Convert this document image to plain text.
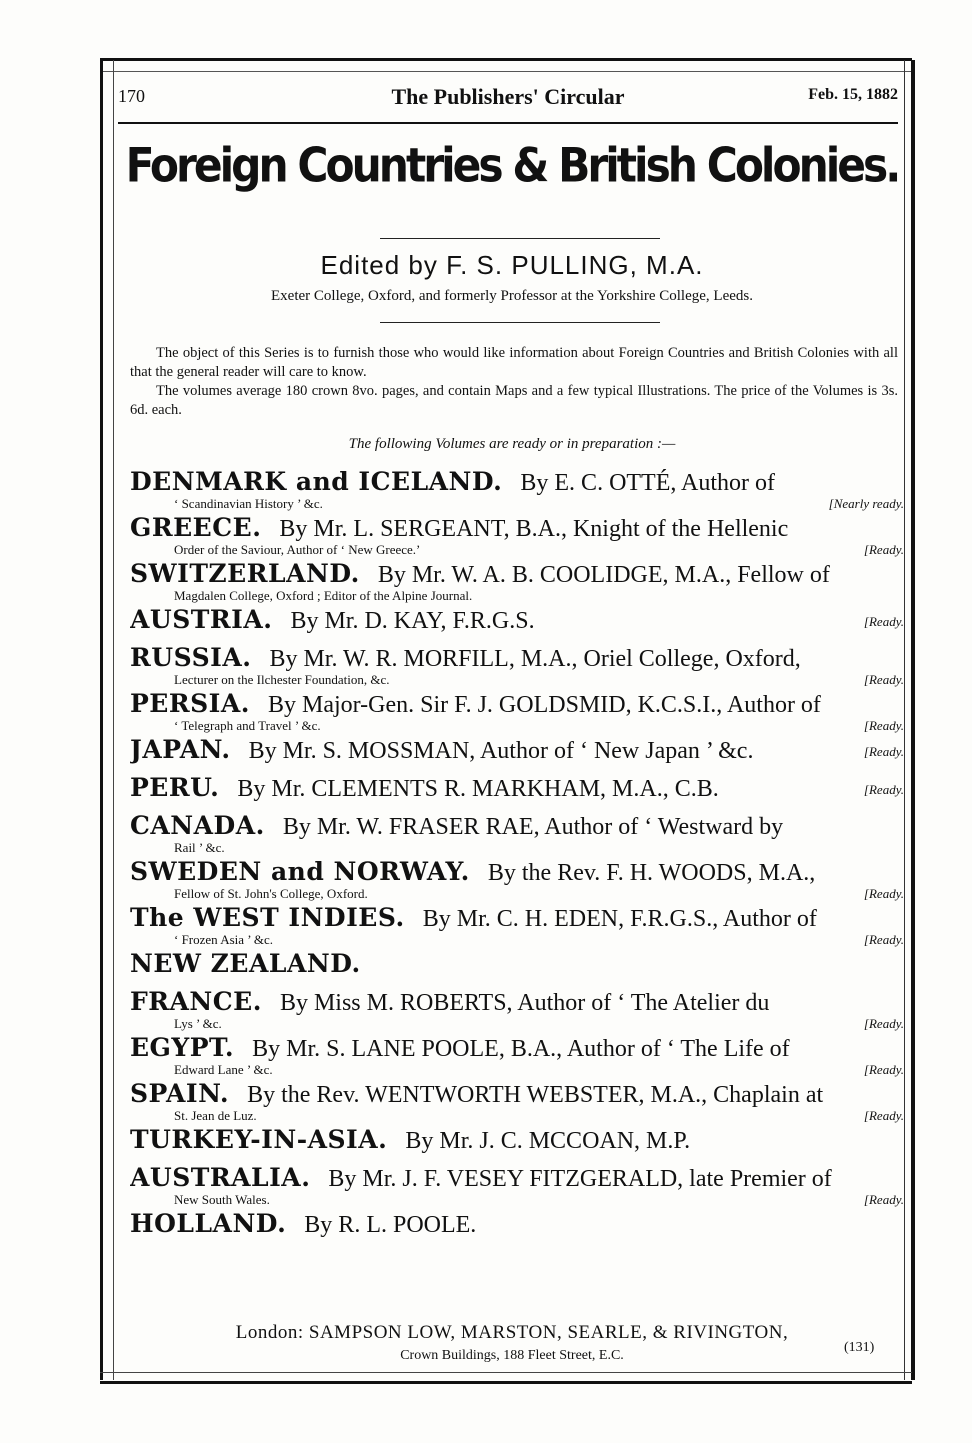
170	The Publishers' Circular	Feb. 15, 1882
Foreign Countries & British Colonies.
Edited by F. S. PULLING, M.A.
Exeter College, Oxford, and formerly Professor at the Yorkshire College, Leeds.

The object of this Series is to furnish those who would like information about Foreign Countries and British Colonies with all that the general reader will care to know.

The volumes average 180 crown 8vo. pages, and contain Maps and a few typical Illustrations. The price of the Volumes is 3s. 6d. each.

The following Volumes are ready or in preparation :—
DENMARK and ICELAND. By E. C. OTTÉ, Author of
‘ Scandinavian History ’ &c.	[Nearly ready.
GREECE. By Mr. L. SERGEANT, B.A., Knight of the Hellenic
Order of the Saviour, Author of ‘ New Greece.’	[Ready.
SWITZERLAND. By Mr. W. A. B. COOLIDGE, M.A., Fellow of
Magdalen College, Oxford ; Editor of the Alpine Journal.
AUSTRIA. By Mr. D. KAY, F.R.G.S.	[Ready.
RUSSIA. By Mr. W. R. MORFILL, M.A., Oriel College, Oxford,
Lecturer on the Ilchester Foundation, &c.	[Ready.
PERSIA. By Major-Gen. Sir F. J. GOLDSMID, K.C.S.I., Author of
‘ Telegraph and Travel ’ &c.	[Ready.
JAPAN. By Mr. S. MOSSMAN, Author of ‘ New Japan ’ &c.	[Ready.
PERU. By Mr. CLEMENTS R. MARKHAM, M.A., C.B.	[Ready.
CANADA. By Mr. W. FRASER RAE, Author of ‘ Westward by
Rail ’ &c.
SWEDEN and NORWAY. By the Rev. F. H. WOODS, M.A.,
Fellow of St. John's College, Oxford.	[Ready.
The WEST INDIES. By Mr. C. H. EDEN, F.R.G.S., Author of
‘ Frozen Asia ’ &c.	[Ready.
NEW ZEALAND.
FRANCE. By Miss M. ROBERTS, Author of ‘ The Atelier du
Lys ’ &c.	[Ready.
EGYPT. By Mr. S. LANE POOLE, B.A., Author of ‘ The Life of
Edward Lane ’ &c.	[Ready.
SPAIN. By the Rev. WENTWORTH WEBSTER, M.A., Chaplain at
St. Jean de Luz.	[Ready.
TURKEY-IN-ASIA. By Mr. J. C. MCCOAN, M.P.
AUSTRALIA. By Mr. J. F. VESEY FITZGERALD, late Premier of
New South Wales.	[Ready.
HOLLAND. By R. L. POOLE.
London: SAMPSON LOW, MARSTON, SEARLE, & RIVINGTON,
Crown Buildings, 188 Fleet Street, E.C.
(131)
